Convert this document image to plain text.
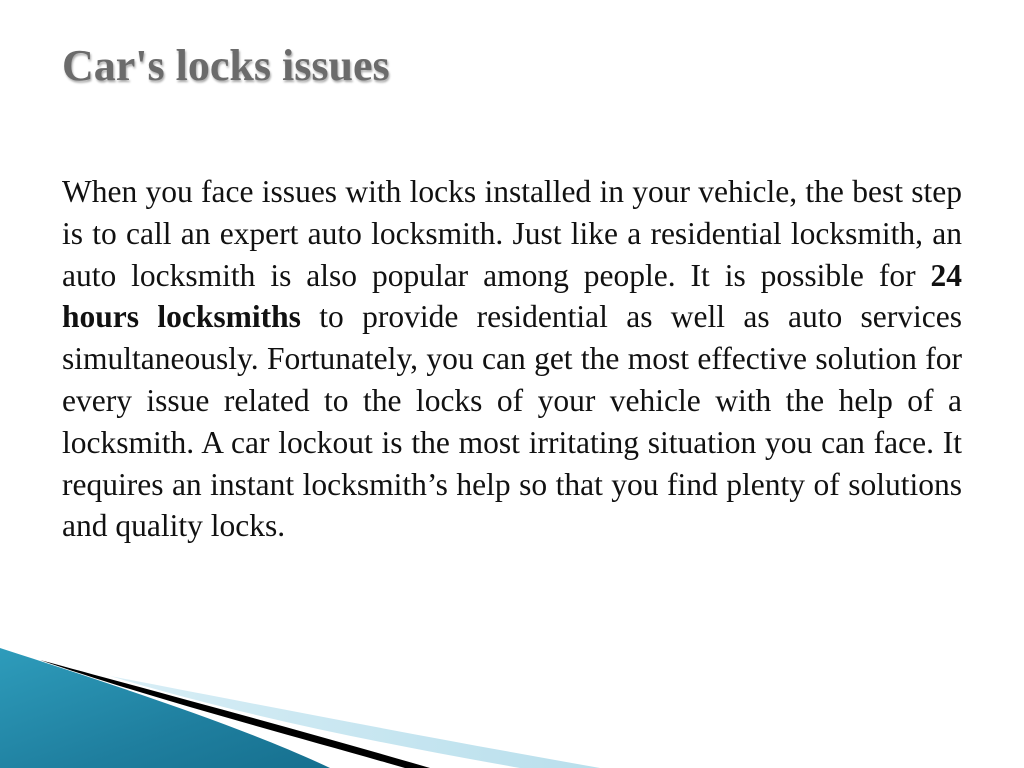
Car's locks issues

When you face issues with locks installed in your vehicle, the best step is to call an expert auto locksmith. Just like a residential locksmith, an auto locksmith is also popular among people. It is possible for 24 hours locksmiths to provide residential as well as auto services simultaneously. Fortunately, you can get the most effective solution for every issue related to the locks of your vehicle with the help of a locksmith. A car lockout is the most irritating situation you can face. It requires an instant locksmith’s help so that you find plenty of solutions and quality locks.
